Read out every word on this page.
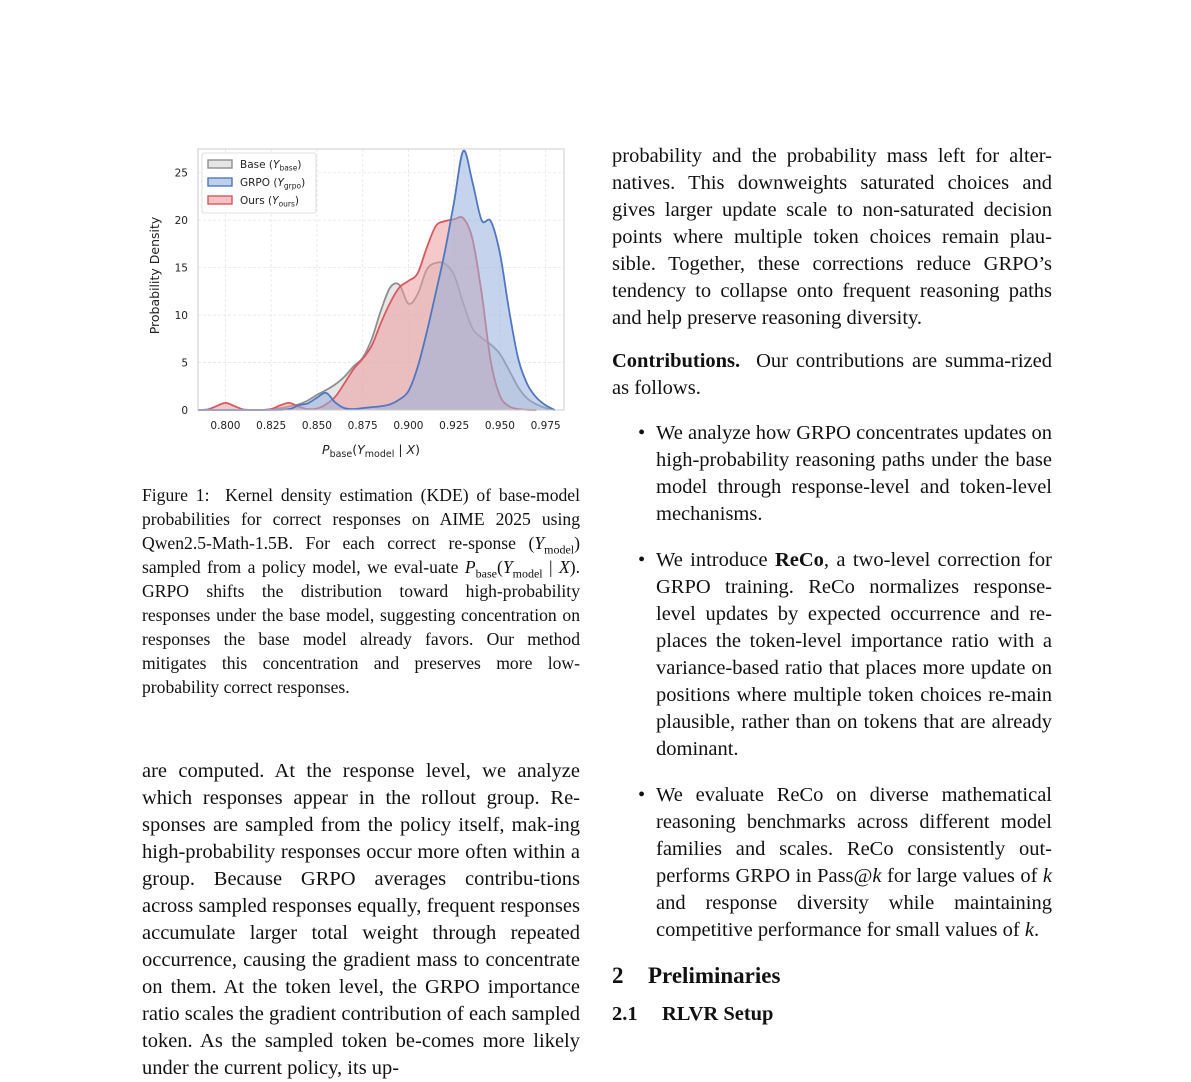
0.800 0.825 0.850 0.875 0.900 0.925 0.950 0.975
0
5
10
15
20
25
Probability Density
$P_{base}(Y_{model}$ | X)
Base $(Y_{base})$
GRPO $(Y_{grpo})$
Ours $(Y_{ours})$
Figure 1: Kernel density estimation (KDE) of base-model probabilities for correct responses on AIME 2025 using Qwen2.5-Math-1.5B. For each correct re-sponse $(Y_{model})$ sampled from a policy model, we eval-uate $P_{base}(Y_{model}$ | X). GRPO shifts the distribution toward high-probability responses under the base model, suggesting concentration on responses the base model already favors. Our method mitigates this concentration and preserves more low-probability correct responses.

are computed. At the response level, we analyze which responses appear in the rollout group. Re-sponses are sampled from the policy itself, mak-ing high-probability responses occur more often within a group. Because GRPO averages contribu-tions across sampled responses equally, frequent responses accumulate larger total weight through repeated occurrence, causing the gradient mass to concentrate on them. At the token level, the GRPO importance ratio scales the gradient contribution of each sampled token. As the sampled token be-comes more likely under the current policy, its up-

probability and the probability mass left for alter-natives. This downweights saturated choices and gives larger update scale to non-saturated decision points where multiple token choices remain plau-sible. Together, these corrections reduce GRPO’s tendency to collapse onto frequent reasoning paths and help preserve reasoning diversity.

Contributions. Our contributions are summa-rized as follows.

• We analyze how GRPO concentrates updates on high-probability reasoning paths under the base model through response-level and token-level mechanisms.
• We introduce ReCo, a two-level correction for GRPO training. ReCo normalizes response-level updates by expected occurrence and re-places the token-level importance ratio with a variance-based ratio that places more update on positions where multiple token choices re-main plausible, rather than on tokens that are already dominant.
• We evaluate ReCo on diverse mathematical reasoning benchmarks across different model families and scales. ReCo consistently out-performs GRPO in Pass@k for large values of k and response diversity while maintaining competitive performance for small values of k.
2 Preliminaries
2.1 RLVR Setup
